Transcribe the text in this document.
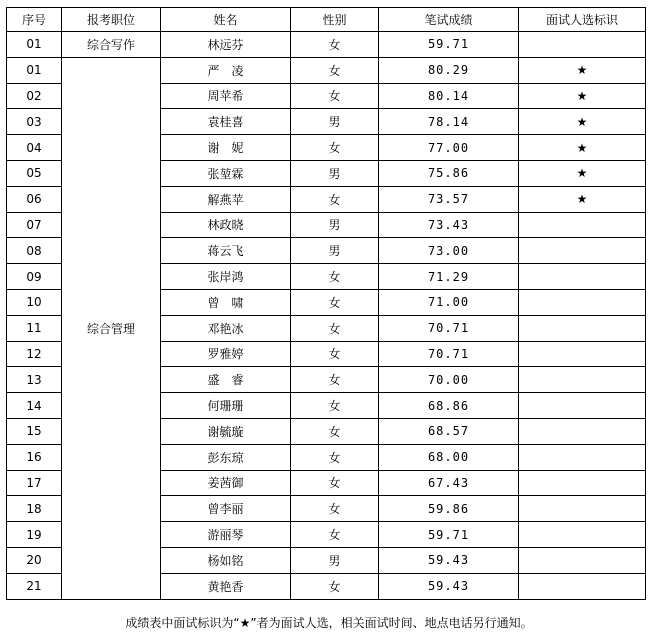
序号	报考职位	姓名	性别	笔试成绩	面试人选标识
01	综合写作	林远芬	女	59.71	
01	综合管理	严　凌	女	80.29	★
02		周苹希	女	80.14	★
03		袁桂喜	男	78.14	★
04		谢　妮	女	77.00	★
05		张堃霖	男	75.86	★
06		解燕苹	女	73.57	★
07		林政晓	男	73.43	
08		蒋云飞	男	73.00	
09		张岸鸿	女	71.29	
10		曾　啸	女	71.00	
11		邓艳冰	女	70.71	
12		罗雅婷	女	70.71	
13		盛　睿	女	70.00	
14		何珊珊	女	68.86	
15		谢毓璇	女	68.57	
16		彭东琼	女	68.00	
17		姜茜御	女	67.43	
18		曾李丽	女	59.86	
19		游丽琴	女	59.71	
20		杨如铭	男	59.43	
21		黄艳香	女	59.43	
成绩表中面试标识为“★”者为面试人选，相关面试时间、地点电话另行通知。
